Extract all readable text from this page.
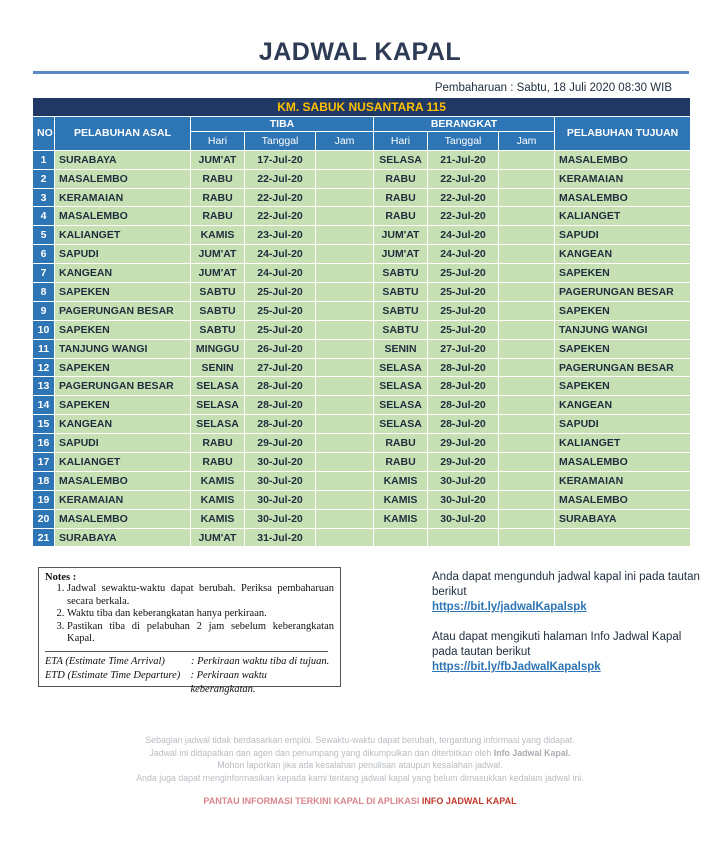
JADWAL KAPAL
Pembaharuan : Sabtu, 18 Juli 2020 08:30 WIB
KM. SABUK NUSANTARA 115								
NO	PELABUHAN ASAL	TIBA			BERANGKAT			PELABUHAN TUJUAN
		Hari	Tanggal	Jam	Hari	Tanggal	Jam	
1	SURABAYA	JUM'AT	17-Jul-20		SELASA	21-Jul-20		MASALEMBO
2	MASALEMBO	RABU	22-Jul-20		RABU	22-Jul-20		KERAMAIAN
3	KERAMAIAN	RABU	22-Jul-20		RABU	22-Jul-20		MASALEMBO
4	MASALEMBO	RABU	22-Jul-20		RABU	22-Jul-20		KALIANGET
5	KALIANGET	KAMIS	23-Jul-20		JUM'AT	24-Jul-20		SAPUDI
6	SAPUDI	JUM'AT	24-Jul-20		JUM'AT	24-Jul-20		KANGEAN
7	KANGEAN	JUM'AT	24-Jul-20		SABTU	25-Jul-20		SAPEKEN
8	SAPEKEN	SABTU	25-Jul-20		SABTU	25-Jul-20		PAGERUNGAN BESAR
9	PAGERUNGAN BESAR	SABTU	25-Jul-20		SABTU	25-Jul-20		SAPEKEN
10	SAPEKEN	SABTU	25-Jul-20		SABTU	25-Jul-20		TANJUNG WANGI
11	TANJUNG WANGI	MINGGU	26-Jul-20		SENIN	27-Jul-20		SAPEKEN
12	SAPEKEN	SENIN	27-Jul-20		SELASA	28-Jul-20		PAGERUNGAN BESAR
13	PAGERUNGAN BESAR	SELASA	28-Jul-20		SELASA	28-Jul-20		SAPEKEN
14	SAPEKEN	SELASA	28-Jul-20		SELASA	28-Jul-20		KANGEAN
15	KANGEAN	SELASA	28-Jul-20		SELASA	28-Jul-20		SAPUDI
16	SAPUDI	RABU	29-Jul-20		RABU	29-Jul-20		KALIANGET
17	KALIANGET	RABU	30-Jul-20		RABU	29-Jul-20		MASALEMBO
18	MASALEMBO	KAMIS	30-Jul-20		KAMIS	30-Jul-20		KERAMAIAN
19	KERAMAIAN	KAMIS	30-Jul-20		KAMIS	30-Jul-20		MASALEMBO
20	MASALEMBO	KAMIS	30-Jul-20		KAMIS	30-Jul-20		SURABAYA
21	SURABAYA	JUM'AT	31-Jul-20					
Notes :
1. Jadwal sewaktu-waktu dapat berubah. Periksa pembaharuan secara berkala.
2. Waktu tiba dan keberangkatan hanya perkiraan.
3. Pastikan tiba di pelabuhan 2 jam sebelum keberangkatan Kapal.
ETA (Estimate Time Arrival)	: Perkiraan waktu tiba di tujuan.
ETD (Estimate Time Departure) : Perkiraan waktu keberangkatan.
Anda dapat mengunduh jadwal kapal ini pada tautan berikut
https://bit.ly/jadwalKapalspk
Atau dapat mengikuti halaman Info Jadwal Kapal pada tautan berikut
https://bit.ly/fbJadwalKapalspk
Sebagian jadwal tidak berdasarkan emploi. Sewaktu-waktu dapat berubah, tergantung informasi yang didapat.
Jadwal ini didapatkan dari agen dan penumpang yang dikumpulkan dan diterbitkan oleh Info Jadwal Kapal.
Mohon laporkan jika ada kesalahan penulisan ataupun kesalahan jadwal.
Anda juga dapat menginformasikan kepada kami tentang jadwal kapal yang belum dimasukkan kedalam jadwal ini.
PANTAU INFORMASI TERKINI KAPAL DI APLIKASI INFO JADWAL KAPAL
